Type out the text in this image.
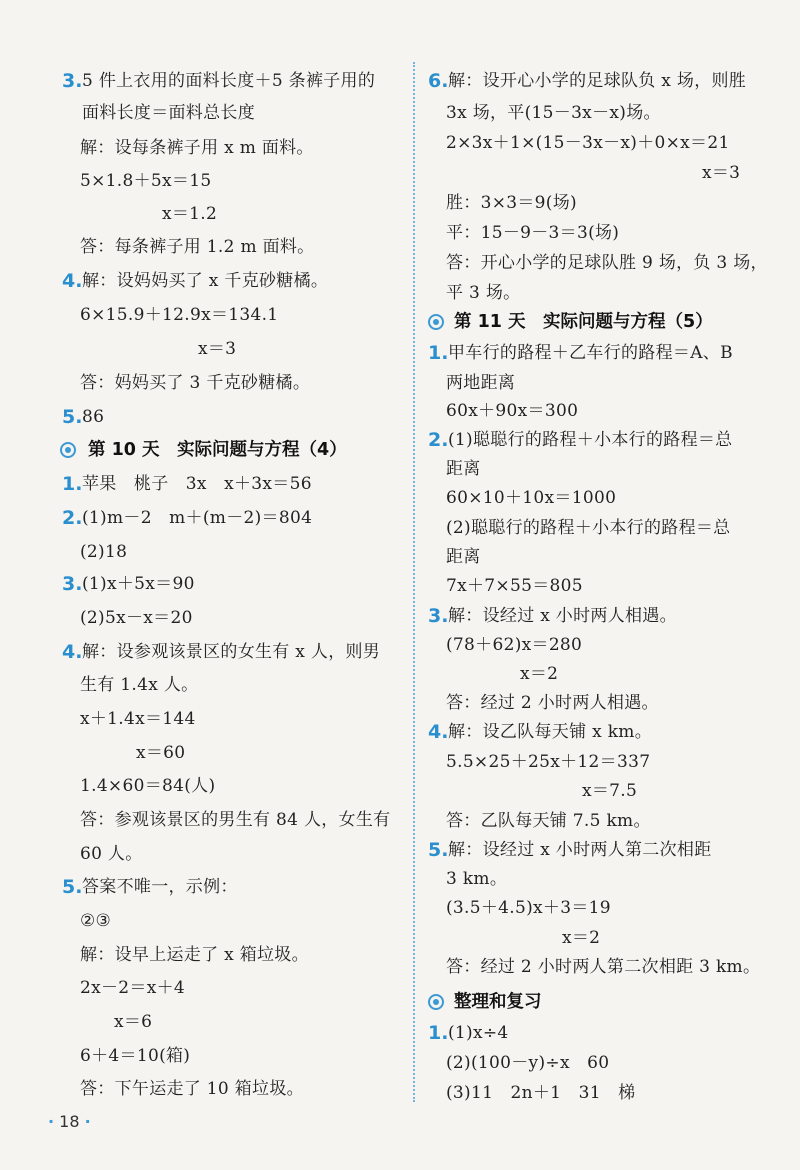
3. 5 件上衣用的面料长度＋5 条裤子用的
面料长度＝面料总长度
解：设每条裤子用 x m 面料。
5×1.8＋5x＝15
x＝1.2
答：每条裤子用 1.2 m 面料。
4. 解：设妈妈买了 x 千克砂糖橘。
6×15.9＋12.9x＝134.1
x＝3
答：妈妈买了 3 千克砂糖橘。
5. 86
第 10 天　实际问题与方程（4）
1. 苹果　桃子　3x　x＋3x＝56
2. (1)m－2　m＋(m－2)＝804
(2)18
3. (1)x＋5x＝90
(2)5x－x＝20
4. 解：设参观该景区的女生有 x 人，则男
生有 1.4x 人。
x＋1.4x＝144
x＝60
1.4×60＝84(人)
答：参观该景区的男生有 84 人，女生有
60 人。
5. 答案不唯一，示例：
②③
解：设早上运走了 x 箱垃圾。
2x－2＝x＋4
x＝6
6＋4＝10(箱)
答：下午运走了 10 箱垃圾。
6. 解：设开心小学的足球队负 x 场，则胜
3x 场，平(15－3x－x)场。
2×3x＋1×(15－3x－x)＋0×x＝21
x＝3
胜：3×3＝9(场)
平：15－9－3＝3(场)
答：开心小学的足球队胜 9 场，负 3 场，
平 3 场。
第 11 天　实际问题与方程（5）
1. 甲车行的路程＋乙车行的路程＝A、B
两地距离
60x＋90x＝300
2. (1)聪聪行的路程＋小本行的路程＝总
距离
60×10＋10x＝1000
(2)聪聪行的路程＋小本行的路程＝总
距离
7x＋7×55＝805
3. 解：设经过 x 小时两人相遇。
(78＋62)x＝280
x＝2
答：经过 2 小时两人相遇。
4. 解：设乙队每天铺 x km。
5.5×25＋25x＋12＝337
x＝7.5
答：乙队每天铺 7.5 km。
5. 解：设经过 x 小时两人第二次相距
3 km。
(3.5＋4.5)x＋3＝19
x＝2
答：经过 2 小时两人第二次相距 3 km。
整理和复习
1. (1)x÷4
(2)(100－y)÷x　60
(3)11　2n＋1　31　梯
· 18 ·
